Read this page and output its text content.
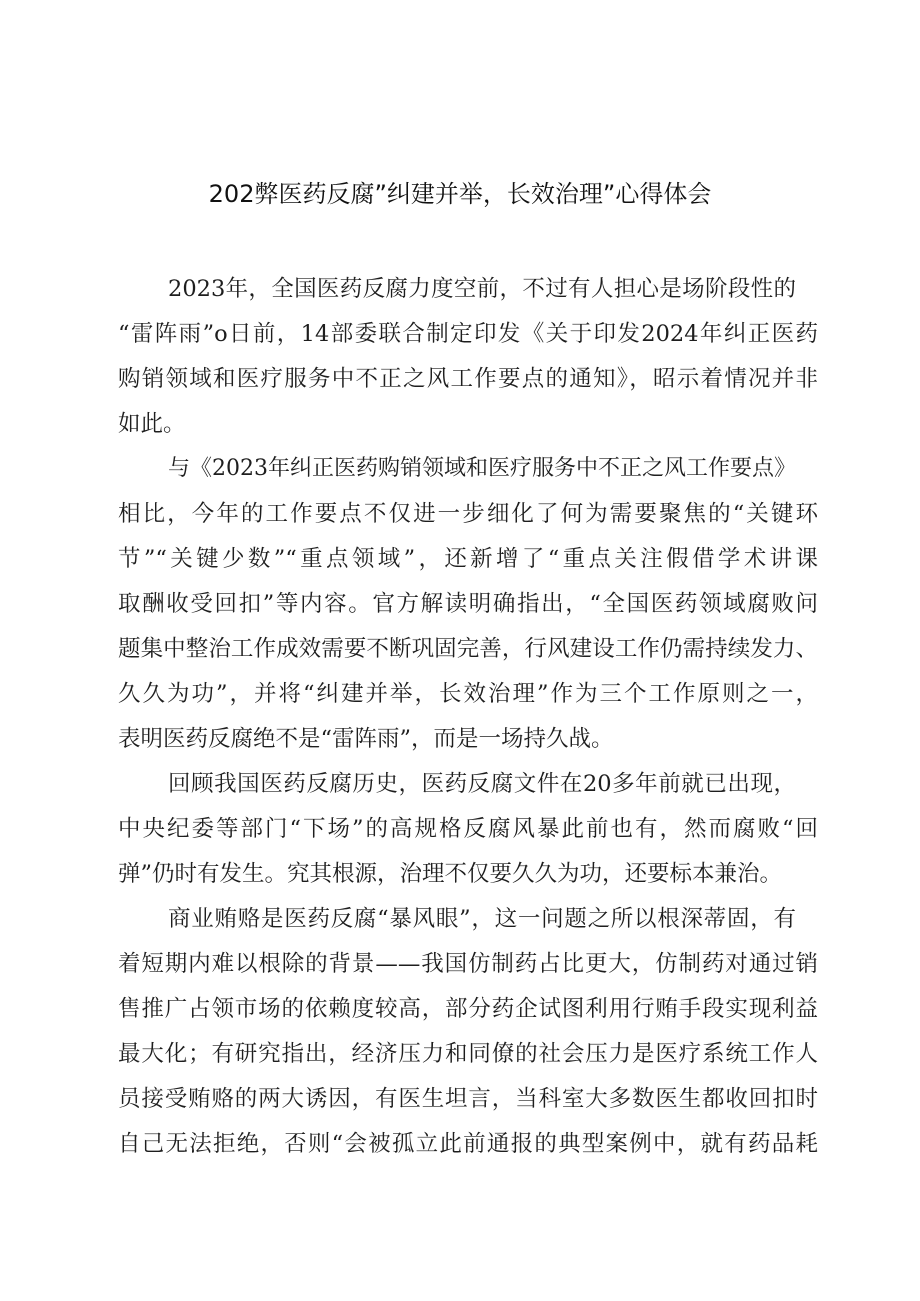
202弊医药反腐”纠建并举，长效治理”心得体会
2023年，全国医药反腐力度空前，不过有人担心是场阶段性的
“雷阵雨”o日前，14部委联合制定印发《关于印发2024年纠正医药
购销领域和医疗服务中不正之风工作要点的通知》，昭示着情况并非
如此。
与《2023年纠正医药购销领域和医疗服务中不正之风工作要点》
相比，今年的工作要点不仅进一步细化了何为需要聚焦的“关键环
节”“关键少数”“重点领域”，还新增了“重点关注假借学术讲课
取酬收受回扣”等内容。官方解读明确指出，“全国医药领域腐败问
题集中整治工作成效需要不断巩固完善，行风建设工作仍需持续发力、
久久为功”，并将“纠建并举，长效治理”作为三个工作原则之一，
表明医药反腐绝不是“雷阵雨”，而是一场持久战。
回顾我国医药反腐历史，医药反腐文件在20多年前就已出现，
中央纪委等部门“下场”的高规格反腐风暴此前也有，然而腐败“回
弹”仍时有发生。究其根源，治理不仅要久久为功，还要标本兼治。
商业贿赂是医药反腐“暴风眼”，这一问题之所以根深蒂固，有
着短期内难以根除的背景——我国仿制药占比更大，仿制药对通过销
售推广占领市场的依赖度较高，部分药企试图利用行贿手段实现利益
最大化；有研究指出，经济压力和同僚的社会压力是医疗系统工作人
员接受贿赂的两大诱因，有医生坦言，当科室大多数医生都收回扣时
自己无法拒绝，否则“会被孤立此前通报的典型案例中，就有药品耗
